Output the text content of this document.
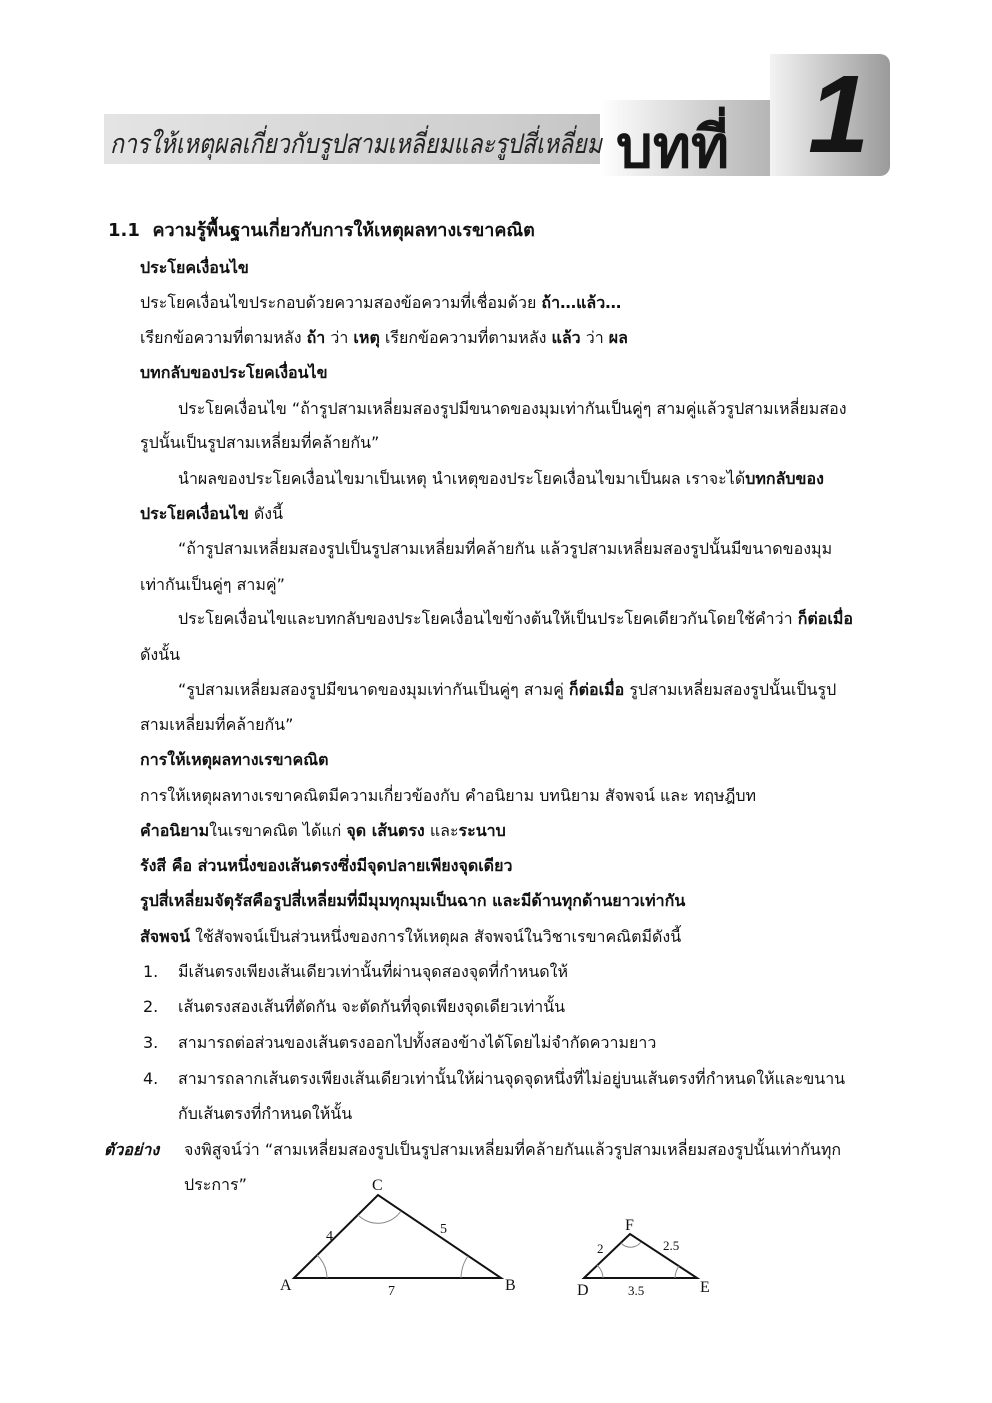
การให้เหตุผลเกี่ยวกับรูปสามเหลี่ยมและรูปสี่เหลี่ยม บทที่ 1
1.1 ความรู้พื้นฐานเกี่ยวกับการให้เหตุผลทางเรขาคณิต
ประโยคเงื่อนไข
ประโยคเงื่อนไขประกอบด้วยความสองข้อความที่เชื่อมด้วย ถ้า…แล้ว…
เรียกข้อความที่ตามหลัง ถ้า ว่า เหตุ เรียกข้อความที่ตามหลัง แล้ว ว่า ผล
บทกลับของประโยคเงื่อนไข
ประโยคเงื่อนไข “ถ้ารูปสามเหลี่ยมสองรูปมีขนาดของมุมเท่ากันเป็นคู่ๆ สามคู่แล้วรูปสามเหลี่ยมสอง
รูปนั้นเป็นรูปสามเหลี่ยมที่คล้ายกัน”
นำผลของประโยคเงื่อนไขมาเป็นเหตุ นำเหตุของประโยคเงื่อนไขมาเป็นผล เราจะได้บทกลับของ
ประโยคเงื่อนไข ดังนี้
“ถ้ารูปสามเหลี่ยมสองรูปเป็นรูปสามเหลี่ยมที่คล้ายกัน แล้วรูปสามเหลี่ยมสองรูปนั้นมีขนาดของมุม
เท่ากันเป็นคู่ๆ สามคู่”
ประโยคเงื่อนไขและบทกลับของประโยคเงื่อนไขข้างต้นให้เป็นประโยคเดียวกันโดยใช้คำว่า ก็ต่อเมื่อ
ดังนั้น
“รูปสามเหลี่ยมสองรูปมีขนาดของมุมเท่ากันเป็นคู่ๆ สามคู่ ก็ต่อเมื่อ รูปสามเหลี่ยมสองรูปนั้นเป็นรูป
สามเหลี่ยมที่คล้ายกัน”
การให้เหตุผลทางเรขาคณิต
การให้เหตุผลทางเรขาคณิตมีความเกี่ยวข้องกับ คำอนิยาม บทนิยาม สัจพจน์ และ ทฤษฎีบท
คำอนิยามในเรขาคณิต ได้แก่ จุด เส้นตรง และระนาบ
รังสี คือ ส่วนหนึ่งของเส้นตรงซึ่งมีจุดปลายเพียงจุดเดียว
รูปสี่เหลี่ยมจัตุรัสคือรูปสี่เหลี่ยมที่มีมุมทุกมุมเป็นฉาก และมีด้านทุกด้านยาวเท่ากัน
สัจพจน์ ใช้สัจพจน์เป็นส่วนหนึ่งของการให้เหตุผล สัจพจน์ในวิชาเรขาคณิตมีดังนี้
1. มีเส้นตรงเพียงเส้นเดียวเท่านั้นที่ผ่านจุดสองจุดที่กำหนดให้
2. เส้นตรงสองเส้นที่ตัดกัน จะตัดกันที่จุดเพียงจุดเดียวเท่านั้น
3. สามารถต่อส่วนของเส้นตรงออกไปทั้งสองข้างได้โดยไม่จำกัดความยาว
4. สามารถลากเส้นตรงเพียงเส้นเดียวเท่านั้นให้ผ่านจุดจุดหนึ่งที่ไม่อยู่บนเส้นตรงที่กำหนดให้และขนาน
กับเส้นตรงที่กำหนดให้นั้น
ตัวอย่าง จงพิสูจน์ว่า “สามเหลี่ยมสองรูปเป็นรูปสามเหลี่ยมที่คล้ายกันแล้วรูปสามเหลี่ยมสองรูปนั้นเท่ากันทุก
ประการ”
A
C
B
4	5
7	D
F
E
2	2.5
3.5
